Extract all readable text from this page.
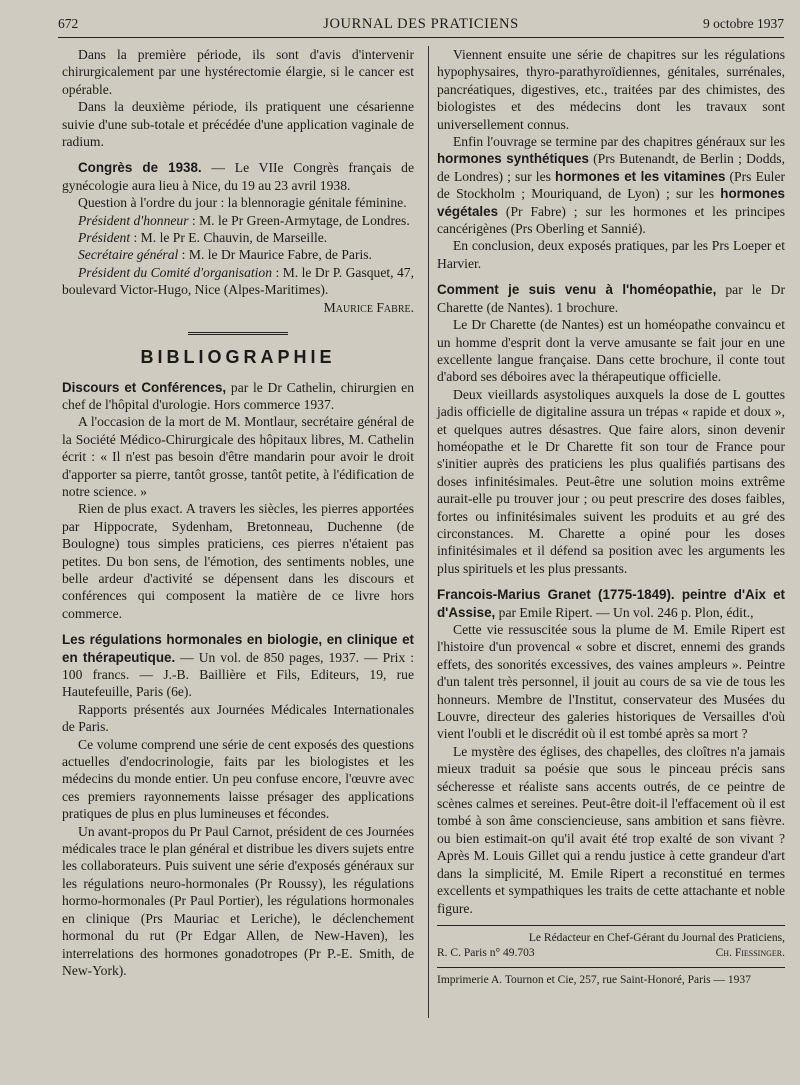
672	JOURNAL DES PRATICIENS	9 octobre 1937

Dans la première période, ils sont d'avis d'intervenir chirurgicalement par une hystérectomie élargie, si le cancer est opérable.

Dans la deuxième période, ils pratiquent une césarienne suivie d'une sub-totale et précédée d'une application vaginale de radium.

Congrès de 1938. — Le VIIe Congrès français de gynécologie aura lieu à Nice, du 19 au 23 avril 1938.

Question à l'ordre du jour : la blennoragie génitale féminine.

Président d'honneur : M. le Pr Green-Armytage, de Londres.

Président : M. le Pr E. Chauvin, de Marseille.

Secrétaire général : M. le Dr Maurice Fabre, de Paris.

Président du Comité d'organisation : M. le Dr P. Gasquet, 47, boulevard Victor-Hugo, Nice (Alpes-Maritimes).

Maurice Fabre.

BIBLIOGRAPHIE

Discours et Conférences, par le Dr Cathelin, chirurgien en chef de l'hôpital d'urologie. Hors commerce 1937.

A l'occasion de la mort de M. Montlaur, secrétaire général de la Société Médico-Chirurgicale des hôpitaux libres, M. Cathelin écrit : « Il n'est pas besoin d'être mandarin pour avoir le droit d'apporter sa pierre, tantôt grosse, tantôt petite, à l'édification de notre science. »

Rien de plus exact. A travers les siècles, les pierres apportées par Hippocrate, Sydenham, Bretonneau, Duchenne (de Boulogne) tous simples praticiens, ces pierres n'étaient pas petites. Du bon sens, de l'émotion, des sentiments nobles, une belle ardeur d'activité se dépensent dans les discours et conférences qui composent la matière de ce livre hors commerce.

Les régulations hormonales en biologie, en clinique et en thérapeutique. — Un vol. de 850 pages, 1937. — Prix : 100 francs. — J.-B. Baillière et Fils, Editeurs, 19, rue Hautefeuille, Paris (6e).

Rapports présentés aux Journées Médicales Internationales de Paris.

Ce volume comprend une série de cent exposés des questions actuelles d'endocrinologie, faits par les biologistes et les médecins du monde entier. Un peu confuse encore, l'œuvre avec ces premiers rayonnements laisse présager des applications pratiques de plus en plus lumineuses et fécondes.

Un avant-propos du Pr Paul Carnot, président de ces Journées médicales trace le plan général et distribue les divers sujets entre les collaborateurs. Puis suivent une série d'exposés généraux sur les régulations neuro-hormonales (Pr Roussy), les régulations hormo-hormonales (Pr Paul Portier), les régulations hormonales en clinique (Prs Mauriac et Leriche), le déclenchement hormonal du rut (Pr Edgar Allen, de New-Haven), les interrelations des hormones gonadotropes (Pr P.-E. Smith, de New-York).

Viennent ensuite une série de chapitres sur les régulations hypophysaires, thyro-parathyroïdiennes, génitales, surrénales, pancréatiques, digestives, etc., traitées par des chimistes, des biologistes et des médecins dont les travaux sont universellement connus.

Enfin l'ouvrage se termine par des chapitres généraux sur les hormones synthétiques (Prs Butenandt, de Berlin ; Dodds, de Londres) ; sur les hormones et les vitamines (Prs Euler de Stockholm ; Mouriquand, de Lyon) ; sur les hormones végétales (Pr Fabre) ; sur les hormones et les principes cancérigènes (Prs Oberling et Sannié).

En conclusion, deux exposés pratiques, par les Prs Loeper et Harvier.

Comment je suis venu à l'homéopathie, par le Dr Charette (de Nantes). 1 brochure.

Le Dr Charette (de Nantes) est un homéopathe convaincu et un homme d'esprit dont la verve amusante se fait jour en une excellente langue française. Dans cette brochure, il conte tout d'abord ses déboires avec la thérapeutique officielle.

Deux vieillards asystoliques auxquels la dose de L gouttes jadis officielle de digitaline assura un trépas « rapide et doux », et quelques autres désastres. Que faire alors, sinon devenir homéopathe et le Dr Charette fit son tour de France pour s'initier auprès des praticiens les plus qualifiés partisans des doses infinitésimales. Peut-être une solution moins extrême aurait-elle pu trouver jour ; ou peut prescrire des doses faibles, fortes ou infinitésimales suivent les produits et au gré des circonstances. M. Charette a opiné pour les doses infinitésimales et il défend sa position avec les arguments les plus spirituels et les plus pressants.

Francois-Marius Granet (1775-1849). peintre d'Aix et d'Assise, par Emile Ripert. — Un vol. 246 p. Plon, édit.,

Cette vie ressuscitée sous la plume de M. Emile Ripert est l'histoire d'un provencal « sobre et discret, ennemi des grands effets, des sonorités excessives, des vaines ampleurs ». Peintre d'un talent très personnel, il jouit au cours de sa vie de tous les honneurs. Membre de l'Institut, conservateur des Musées du Louvre, directeur des galeries historiques de Versailles d'où vient l'oubli et le discrédit où il est tombé après sa mort ?

Le mystère des églises, des chapelles, des cloîtres n'a jamais mieux traduit sa poésie que sous le pinceau précis sans sécheresse et réaliste sans accents outrés, de ce peintre de scènes calmes et sereines. Peut-être doit-il l'effacement où il est tombé à son âme consciencieuse, sans ambition et sans fièvre. ou bien estimait-on qu'il avait été trop exalté de son vivant ? Après M. Louis Gillet qui a rendu justice à cette grandeur d'art dans la simplicité, M. Emile Ripert a reconstitué en termes excellents et sympathiques les traits de cette attachante et noble figure.

Le Rédacteur en Chef-Gérant du Journal des Praticiens,
R. C. Paris n° 49.703	Ch. Fiessinger.
Imprimerie A. Tournon et Cie, 257, rue Saint-Honoré, Paris — 1937
